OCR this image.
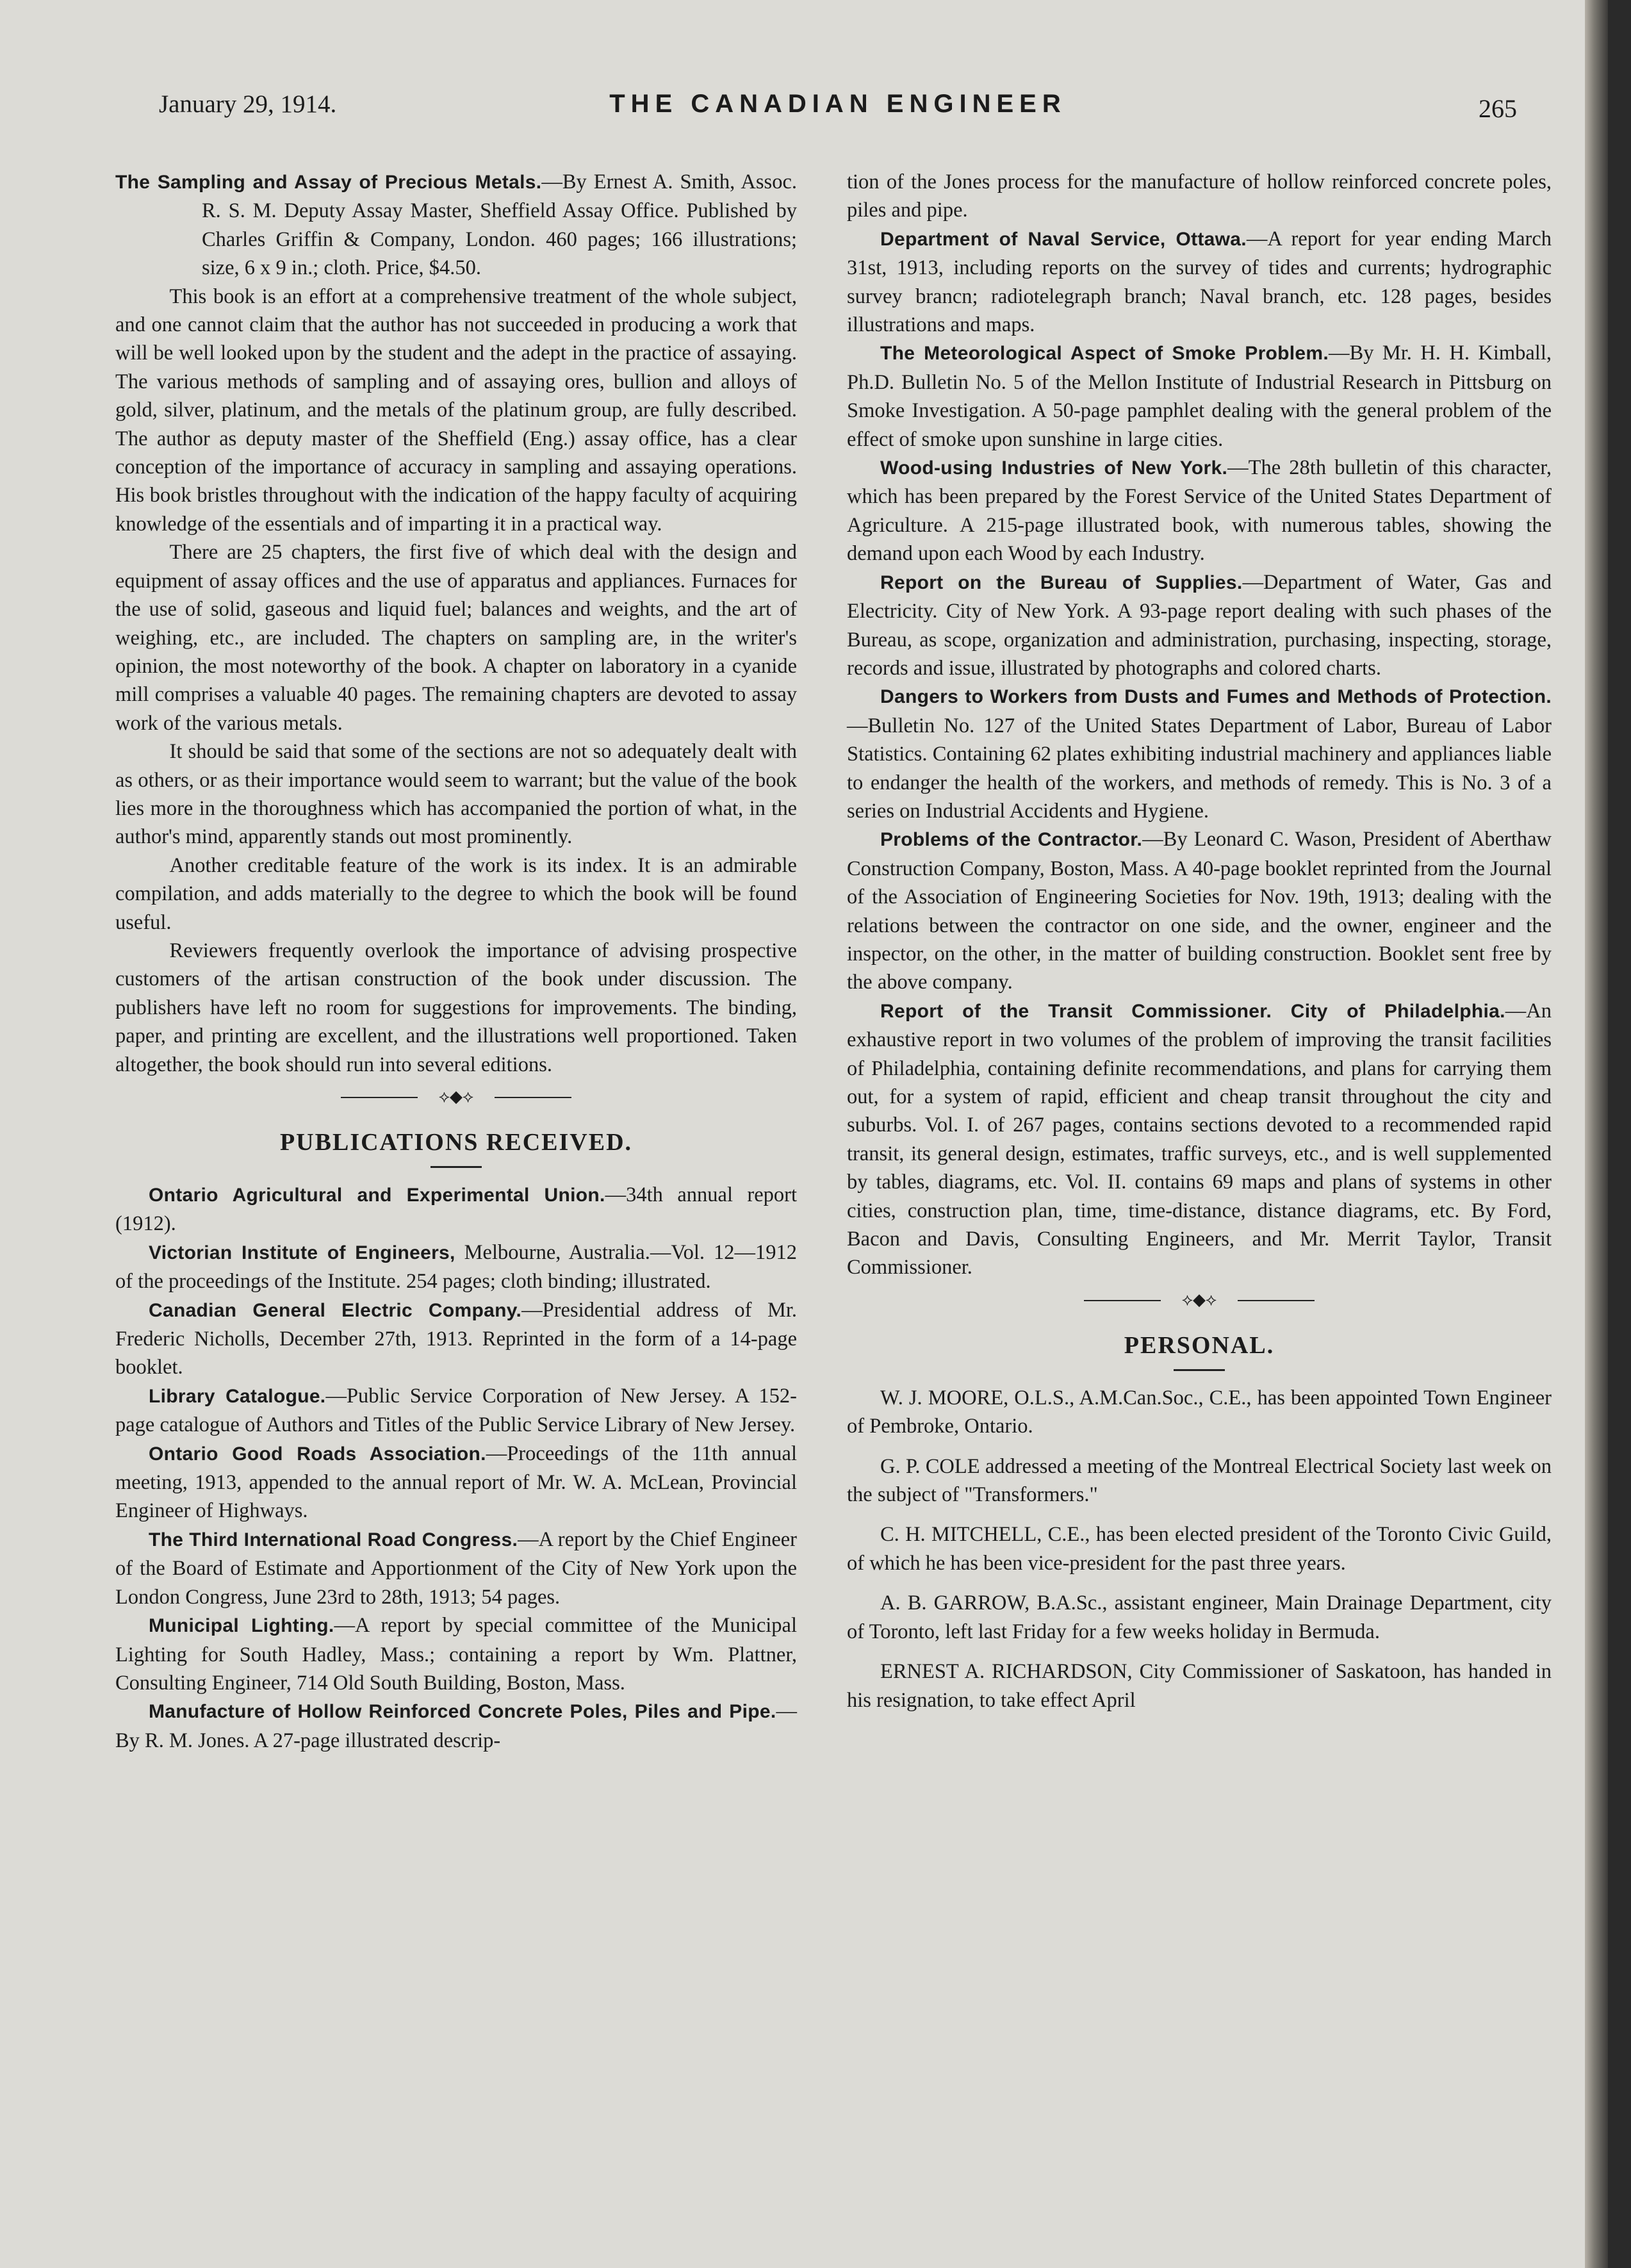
January 29, 1914.	THE CANADIAN ENGINEER	265

The Sampling and Assay of Precious Metals.—By Ernest A. Smith, Assoc. R. S. M. Deputy Assay Master, Sheffield Assay Office. Published by Charles Griffin & Company, London. 460 pages; 166 illustrations; size, 6 x 9 in.; cloth. Price, $4.50.

This book is an effort at a comprehensive treatment of the whole subject, and one cannot claim that the author has not succeeded in producing a work that will be well looked upon by the student and the adept in the practice of assaying. The various methods of sampling and of assaying ores, bullion and alloys of gold, silver, platinum, and the metals of the platinum group, are fully described. The author as deputy master of the Sheffield (Eng.) assay office, has a clear conception of the importance of accuracy in sampling and assaying operations. His book bristles throughout with the indication of the happy faculty of acquiring knowledge of the essentials and of imparting it in a practical way.

There are 25 chapters, the first five of which deal with the design and equipment of assay offices and the use of apparatus and appliances. Furnaces for the use of solid, gaseous and liquid fuel; balances and weights, and the art of weighing, etc., are included. The chapters on sampling are, in the writer's opinion, the most noteworthy of the book. A chapter on laboratory in a cyanide mill comprises a valuable 40 pages. The remaining chapters are devoted to assay work of the various metals.

It should be said that some of the sections are not so adequately dealt with as others, or as their importance would seem to warrant; but the value of the book lies more in the thoroughness which has accompanied the portion of what, in the author's mind, apparently stands out most prominently.

Another creditable feature of the work is its index. It is an admirable compilation, and adds materially to the degree to which the book will be found useful.

Reviewers frequently overlook the importance of advising prospective customers of the artisan construction of the book under discussion. The publishers have left no room for suggestions for improvements. The binding, paper, and printing are excellent, and the illustrations well proportioned. Taken altogether, the book should run into several editions.

⟡◆⟡
PUBLICATIONS RECEIVED.

Ontario Agricultural and Experimental Union.—34th annual report (1912).

Victorian Institute of Engineers, Melbourne, Australia.—Vol. 12—1912 of the proceedings of the Institute. 254 pages; cloth binding; illustrated.

Canadian General Electric Company.—Presidential address of Mr. Frederic Nicholls, December 27th, 1913. Reprinted in the form of a 14-page booklet.

Library Catalogue.—Public Service Corporation of New Jersey. A 152-page catalogue of Authors and Titles of the Public Service Library of New Jersey.

Ontario Good Roads Association.—Proceedings of the 11th annual meeting, 1913, appended to the annual report of Mr. W. A. McLean, Provincial Engineer of Highways.

The Third International Road Congress.—A report by the Chief Engineer of the Board of Estimate and Apportionment of the City of New York upon the London Congress, June 23rd to 28th, 1913; 54 pages.

Municipal Lighting.—A report by special committee of the Municipal Lighting for South Hadley, Mass.; containing a report by Wm. Plattner, Consulting Engineer, 714 Old South Building, Boston, Mass.

Manufacture of Hollow Reinforced Concrete Poles, Piles and Pipe.—By R. M. Jones. A 27-page illustrated descrip-

tion of the Jones process for the manufacture of hollow reinforced concrete poles, piles and pipe.

Department of Naval Service, Ottawa.—A report for year ending March 31st, 1913, including reports on the survey of tides and currents; hydrographic survey brancn; radiotelegraph branch; Naval branch, etc. 128 pages, besides illustrations and maps.

The Meteorological Aspect of Smoke Problem.—By Mr. H. H. Kimball, Ph.D. Bulletin No. 5 of the Mellon Institute of Industrial Research in Pittsburg on Smoke Investigation. A 50-page pamphlet dealing with the general problem of the effect of smoke upon sunshine in large cities.

Wood-using Industries of New York.—The 28th bulletin of this character, which has been prepared by the Forest Service of the United States Department of Agriculture. A 215-page illustrated book, with numerous tables, showing the demand upon each Wood by each Industry.

Report on the Bureau of Supplies.—Department of Water, Gas and Electricity. City of New York. A 93-page report dealing with such phases of the Bureau, as scope, organization and administration, purchasing, inspecting, storage, records and issue, illustrated by photographs and colored charts.

Dangers to Workers from Dusts and Fumes and Methods of Protection.—Bulletin No. 127 of the United States Department of Labor, Bureau of Labor Statistics. Containing 62 plates exhibiting industrial machinery and appliances liable to endanger the health of the workers, and methods of remedy. This is No. 3 of a series on Industrial Accidents and Hygiene.

Problems of the Contractor.—By Leonard C. Wason, President of Aberthaw Construction Company, Boston, Mass. A 40-page booklet reprinted from the Journal of the Association of Engineering Societies for Nov. 19th, 1913; dealing with the relations between the contractor on one side, and the owner, engineer and the inspector, on the other, in the matter of building construction. Booklet sent free by the above company.

Report of the Transit Commissioner. City of Philadelphia.—An exhaustive report in two volumes of the problem of improving the transit facilities of Philadelphia, containing definite recommendations, and plans for carrying them out, for a system of rapid, efficient and cheap transit throughout the city and suburbs. Vol. I. of 267 pages, contains sections devoted to a recommended rapid transit, its general design, estimates, traffic surveys, etc., and is well supplemented by tables, diagrams, etc. Vol. II. contains 69 maps and plans of systems in other cities, construction plan, time, time-distance, distance diagrams, etc. By Ford, Bacon and Davis, Consulting Engineers, and Mr. Merrit Taylor, Transit Commissioner.

⟡◆⟡
PERSONAL.

W. J. MOORE, O.L.S., A.M.Can.Soc., C.E., has been appointed Town Engineer of Pembroke, Ontario.

G. P. COLE addressed a meeting of the Montreal Electrical Society last week on the subject of "Transformers."

C. H. MITCHELL, C.E., has been elected president of the Toronto Civic Guild, of which he has been vice-president for the past three years.

A. B. GARROW, B.A.Sc., assistant engineer, Main Drainage Department, city of Toronto, left last Friday for a few weeks holiday in Bermuda.

ERNEST A. RICHARDSON, City Commissioner of Saskatoon, has handed in his resignation, to take effect April
